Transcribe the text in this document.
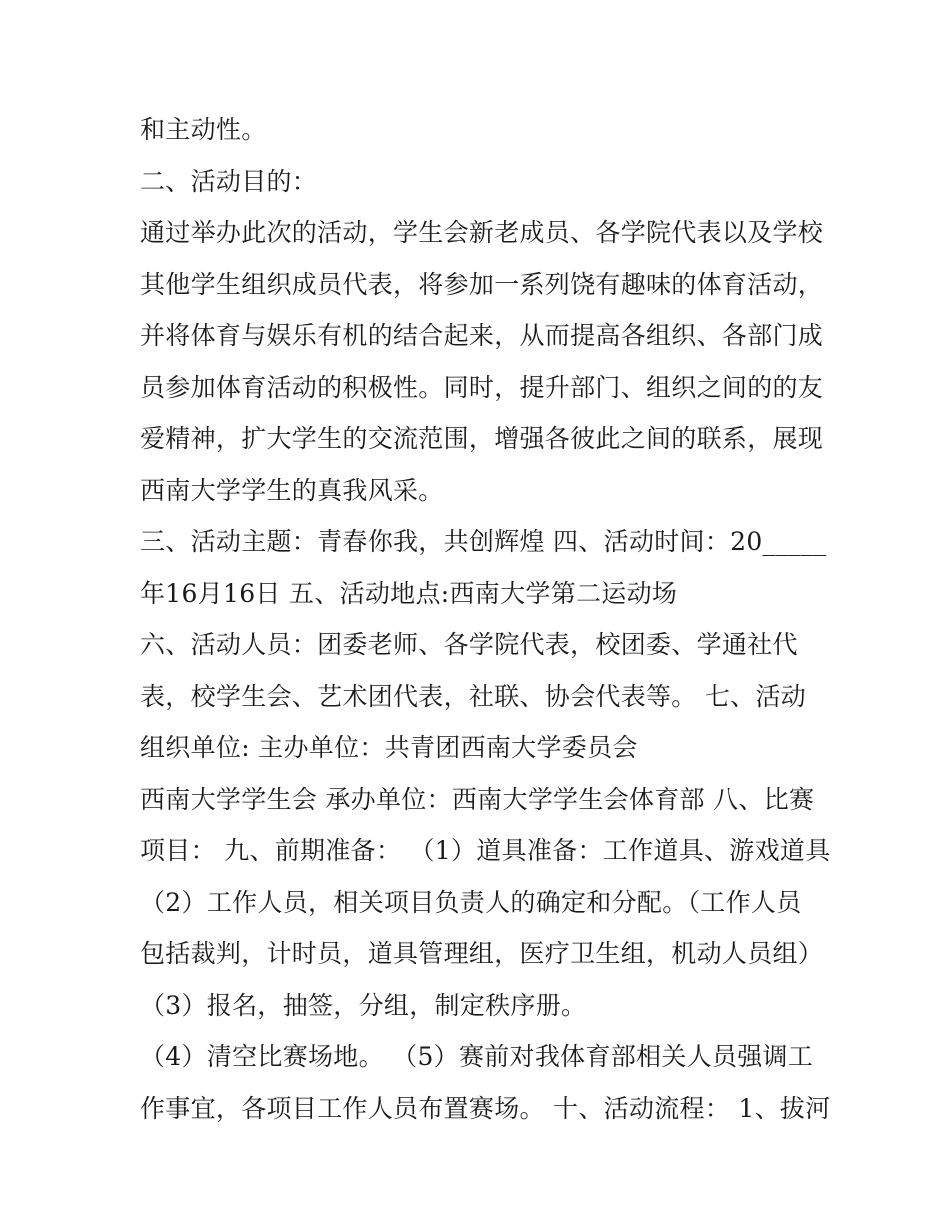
和主动性。
二、活动目的：
通过举办此次的活动，学生会新老成员、各学院代表以及学校
其他学生组织成员代表，将参加一系列饶有趣味的体育活动，
并将体育与娱乐有机的结合起来，从而提高各组织、各部门成
员参加体育活动的积极性。同时，提升部门、组织之间的的友
爱精神，扩大学生的交流范围，增强各彼此之间的联系，展现
西南大学学生的真我风采。
三、活动主题：青春你我，共创辉煌 四、活动时间：20_____
年16月16日 五、活动地点:西南大学第二运动场
六、活动人员：团委老师、各学院代表，校团委、学通社代
表，校学生会、艺术团代表，社联、协会代表等。 七、活动
组织单位: 主办单位：共青团西南大学委员会
西南大学学生会 承办单位：西南大学学生会体育部 八、比赛
项目： 九、前期准备： （1）道具准备：工作道具、游戏道具
（2）工作人员，相关项目负责人的确定和分配。（工作人员
包括裁判，计时员，道具管理组，医疗卫生组，机动人员组）
（3）报名，抽签，分组，制定秩序册。
（4）清空比赛场地。 （5）赛前对我体育部相关人员强调工
作事宜，各项目工作人员布置赛场。 十、活动流程： 1、拔河
